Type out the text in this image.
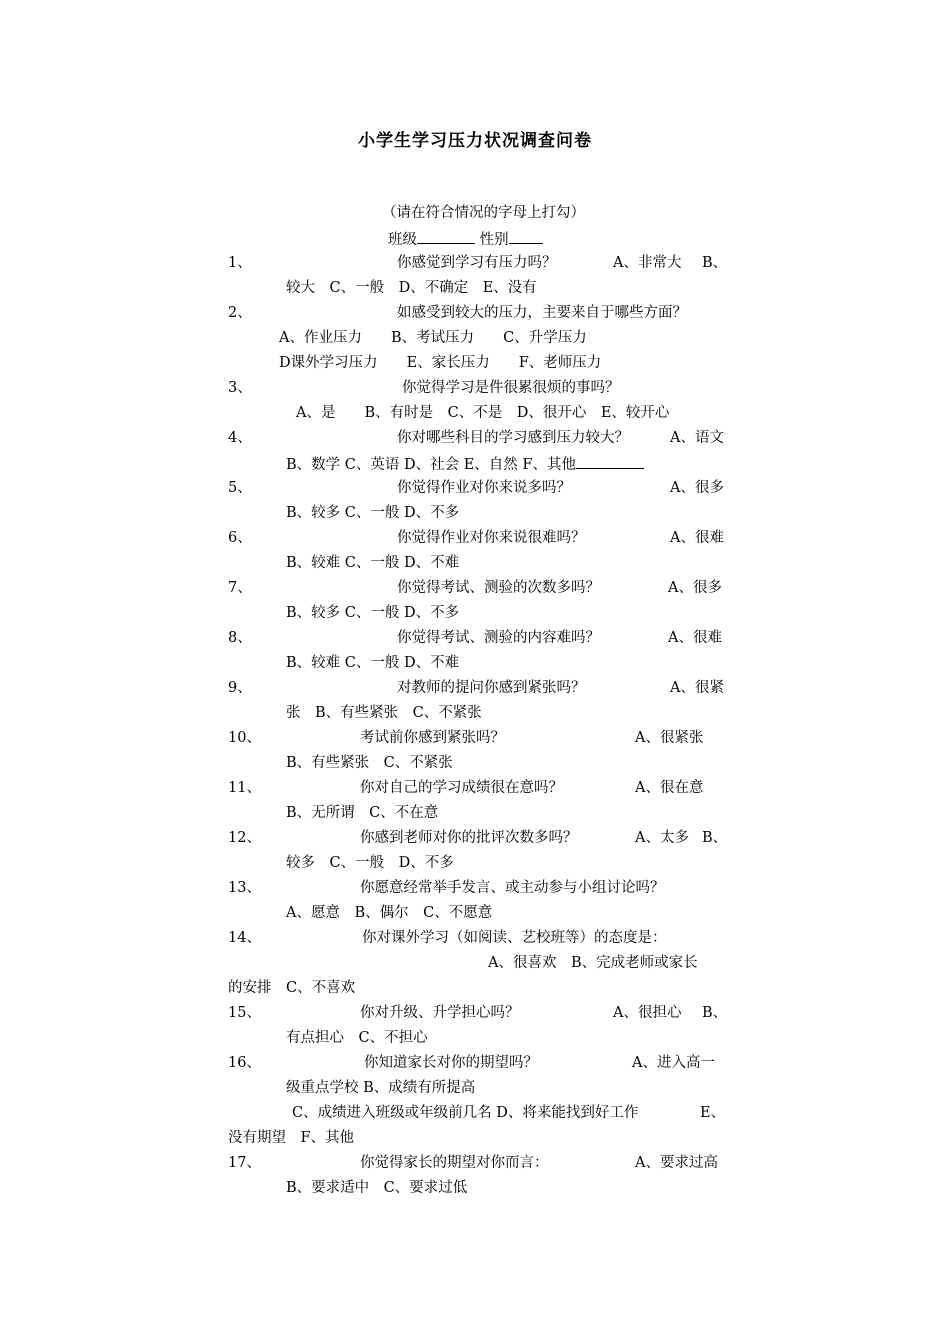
小学生学习压力状况调查问卷
（请在符合情况的字母上打勾）
班级	性别
1、	你感觉到学习有压力吗？	A、非常大 B、
较大　C、一般　D、不确定　E、没有
2、	如感受到较大的压力，主要来自于哪些方面？
A、作业压力　　B、考试压力　　C、升学压力
D课外学习压力　　E、家长压力　　F、老师压力
3、	你觉得学习是件很累很烦的事吗？
A、是　　B、有时是　C、不是　D、很开心　E、较开心
4、	你对哪些科目的学习感到压力较大？	A、语文
B、数学 C、英语 D、社会 E、自然 F、其他
5、	你觉得作业对你来说多吗？	A、很多
B、较多 C、一般 D、不多
6、	你觉得作业对你来说很难吗？	A、很难
B、较难 C、一般 D、不难
7、	你觉得考试、测验的次数多吗？	A、很多
B、较多 C、一般 D、不多
8、	你觉得考试、测验的内容难吗？	A、很难
B、较难 C、一般 D、不难
9、	对教师的提问你感到紧张吗？	A、很紧
张　B、有些紧张　C、不紧张
10、	考试前你感到紧张吗？	A、很紧张
B、有些紧张　C、不紧张
11、	你对自己的学习成绩很在意吗？	A、很在意
B、无所谓　C、不在意
12、	你感到老师对你的批评次数多吗？	A、太多 B、
较多　C、一般　D、不多
13、	你愿意经常举手发言、或主动参与小组讨论吗？
A、愿意　B、偶尔　C、不愿意
14、	你对课外学习（如阅读、艺校班等）的态度是：
A、很喜欢　B、完成老师或家长
的安排　C、不喜欢
15、	你对升级、升学担心吗？	A、很担心 B、
有点担心　C、不担心
16、	你知道家长对你的期望吗？	A、进入高一
级重点学校 B、成绩有所提高
C、成绩进入班级或年级前几名 D、将来能找到好工作	E、
没有期望　F、其他
17、	你觉得家长的期望对你而言：	A、要求过高
B、要求适中　C、要求过低
